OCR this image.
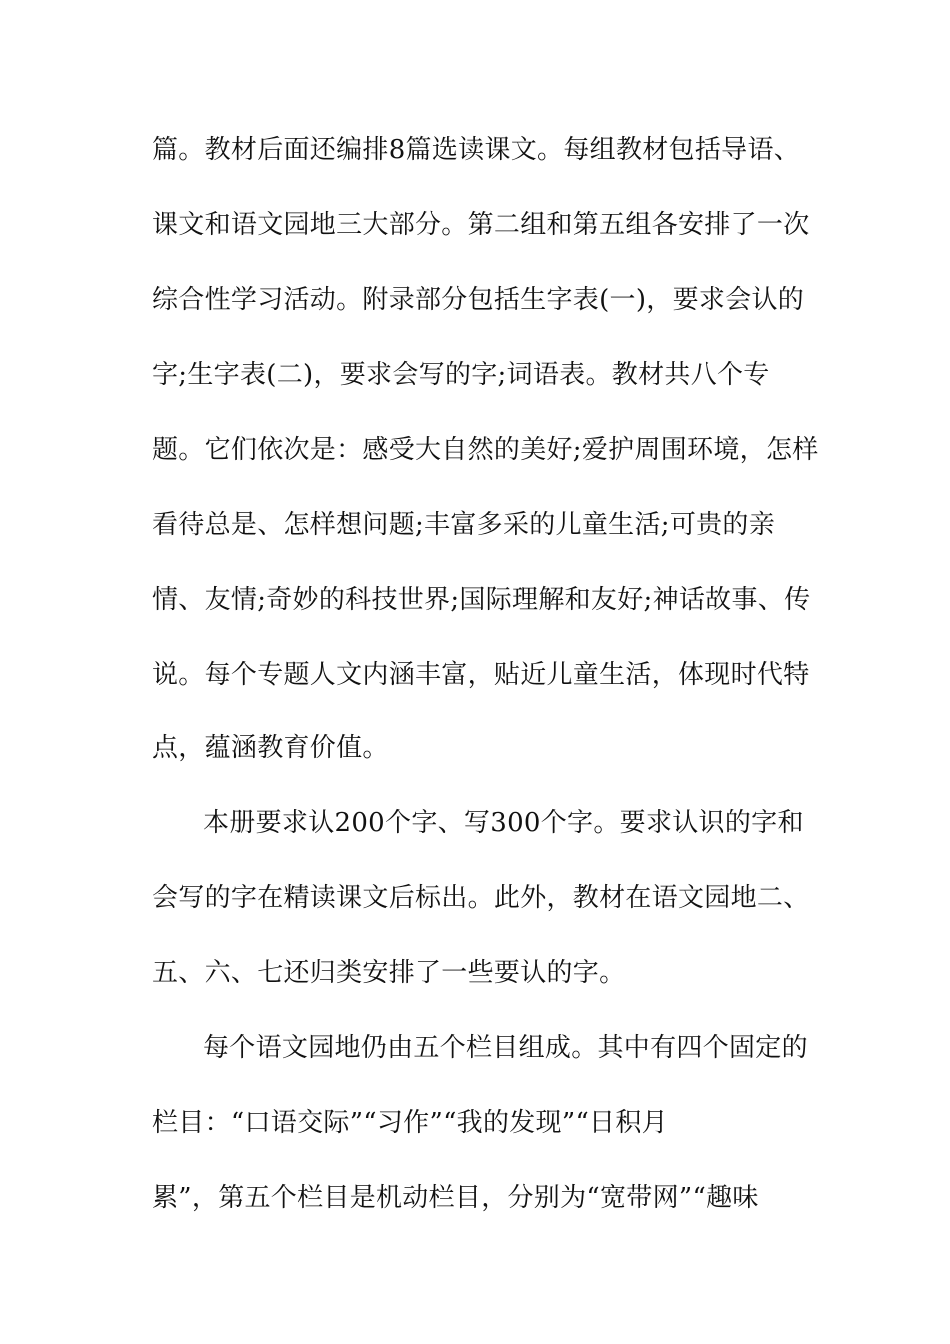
篇。教材后面还编排8篇选读课文。每组教材包括导语、
课文和语文园地三大部分。第二组和第五组各安排了一次
综合性学习活动。附录部分包括生字表(一)，要求会认的
字;生字表(二)，要求会写的字;词语表。教材共八个专
题。它们依次是：感受大自然的美好;爱护周围环境，怎样
看待总是、怎样想问题;丰富多采的儿童生活;可贵的亲
情、友情;奇妙的科技世界;国际理解和友好;神话故事、传
说。每个专题人文内涵丰富，贴近儿童生活，体现时代特
点，蕴涵教育价值。
本册要求认200个字、写300个字。要求认识的字和
会写的字在精读课文后标出。此外，教材在语文园地二、
五、六、七还归类安排了一些要认的字。
每个语文园地仍由五个栏目组成。其中有四个固定的
栏目：“口语交际”“习作”“我的发现”“日积月
累”，第五个栏目是机动栏目，分别为“宽带网”“趣味
